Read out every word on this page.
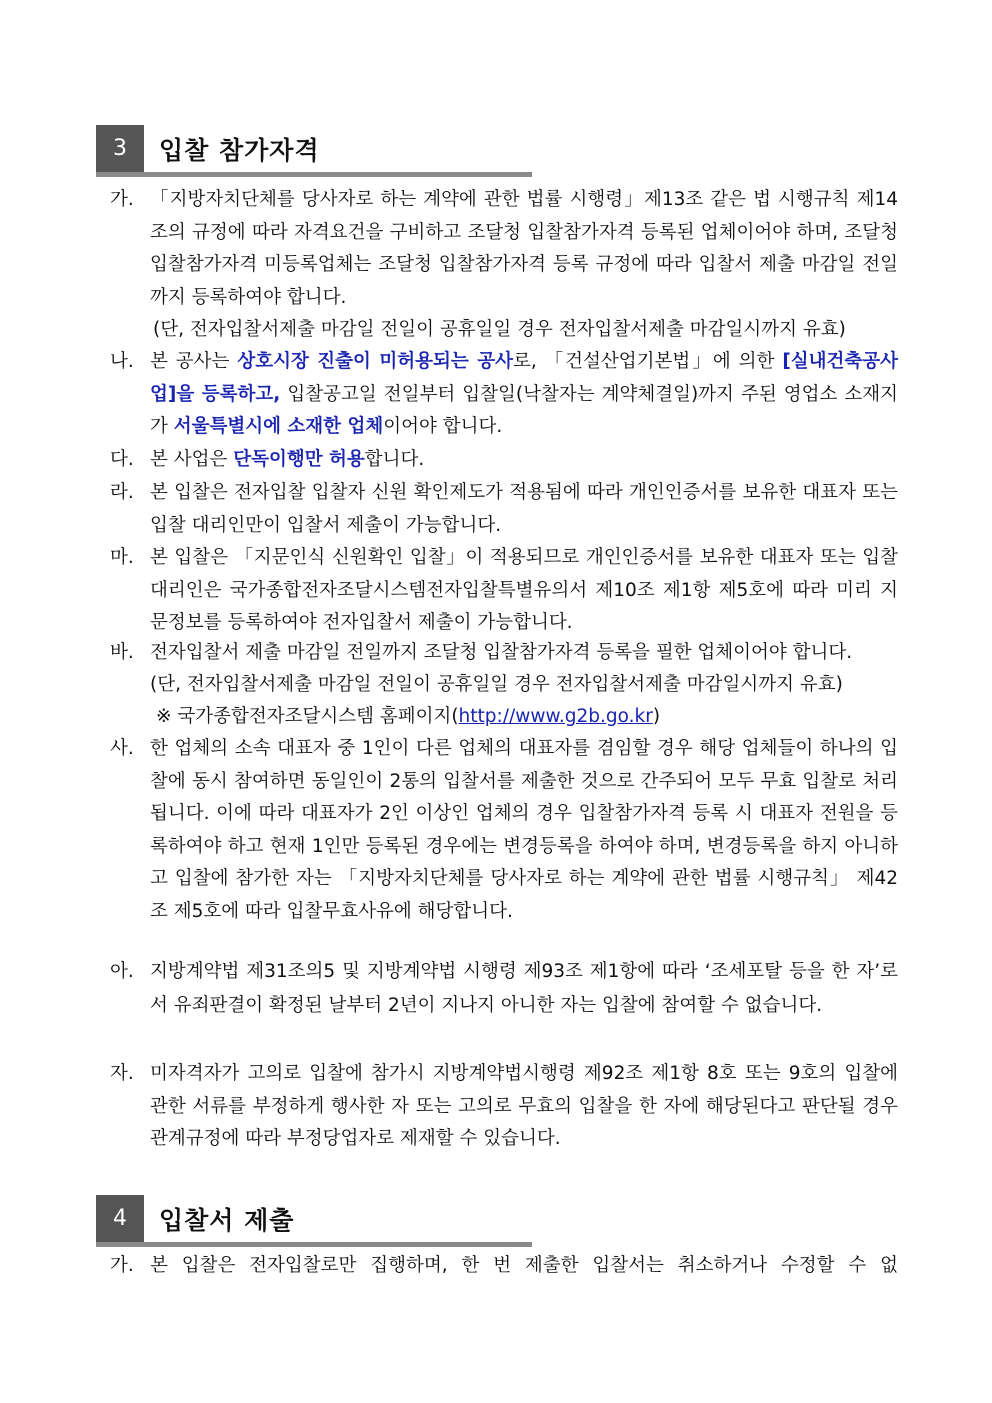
3	입찰 참가자격
가. 「지방자치단체를 당사자로 하는 계약에 관한 법률 시행령」제13조 같은 법 시행규칙 제14조의 규정에 따라 자격요건을 구비하고 조달청 입찰참가자격 등록된 업체이어야 하며, 조달청 입찰참가자격 미등록업체는 조달청 입찰참가자격 등록 규정에 따라 입찰서 제출 마감일 전일까지 등록하여야 합니다.
(단, 전자입찰서제출 마감일 전일이 공휴일일 경우 전자입찰서제출 마감일시까지 유효)
나. 본 공사는 상호시장 진출이 미허용되는 공사로, 「건설산업기본법」에 의한 [실내건축공사업]을 등록하고, 입찰공고일 전일부터 입찰일(낙찰자는 계약체결일)까지 주된 영업소 소재지가 서울특별시에 소재한 업체이어야 합니다.
다. 본 사업은 단독이행만 허용합니다.
라. 본 입찰은 전자입찰 입찰자 신원 확인제도가 적용됨에 따라 개인인증서를 보유한 대표자 또는 입찰 대리인만이 입찰서 제출이 가능합니다.
마. 본 입찰은 「지문인식 신원확인 입찰」이 적용되므로 개인인증서를 보유한 대표자 또는 입찰대리인은 국가종합전자조달시스템전자입찰특별유의서 제10조 제1항 제5호에 따라 미리 지문정보를 등록하여야 전자입찰서 제출이 가능합니다.
바. 전자입찰서 제출 마감일 전일까지 조달청 입찰참가자격 등록을 필한 업체이어야 합니다.
(단, 전자입찰서제출 마감일 전일이 공휴일일 경우 전자입찰서제출 마감일시까지 유효)
※ 국가종합전자조달시스템 홈페이지(http://www.g2b.go.kr)
사. 한 업체의 소속 대표자 중 1인이 다른 업체의 대표자를 겸임할 경우 해당 업체들이 하나의 입찰에 동시 참여하면 동일인이 2통의 입찰서를 제출한 것으로 간주되어 모두 무효 입찰로 처리됩니다. 이에 따라 대표자가 2인 이상인 업체의 경우 입찰참가자격 등록 시 대표자 전원을 등록하여야 하고 현재 1인만 등록된 경우에는 변경등록을 하여야 하며, 변경등록을 하지 아니하고 입찰에 참가한 자는 「지방자치단체를 당사자로 하는 계약에 관한 법률 시행규칙」 제42조 제5호에 따라 입찰무효사유에 해당합니다.
아. 지방계약법 제31조의5 및 지방계약법 시행령 제93조 제1항에 따라 ‘조세포탈 등을 한 자’로서 유죄판결이 확정된 날부터 2년이 지나지 아니한 자는 입찰에 참여할 수 없습니다.
자. 미자격자가 고의로 입찰에 참가시 지방계약법시행령 제92조 제1항 8호 또는 9호의 입찰에 관한 서류를 부정하게 행사한 자 또는 고의로 무효의 입찰을 한 자에 해당된다고 판단될 경우 관계규정에 따라 부정당업자로 제재할 수 있습니다.
4	입찰서 제출
가. 본 입찰은 전자입찰로만 집행하며, 한 번 제출한 입찰서는 취소하거나 수정할 수 없
